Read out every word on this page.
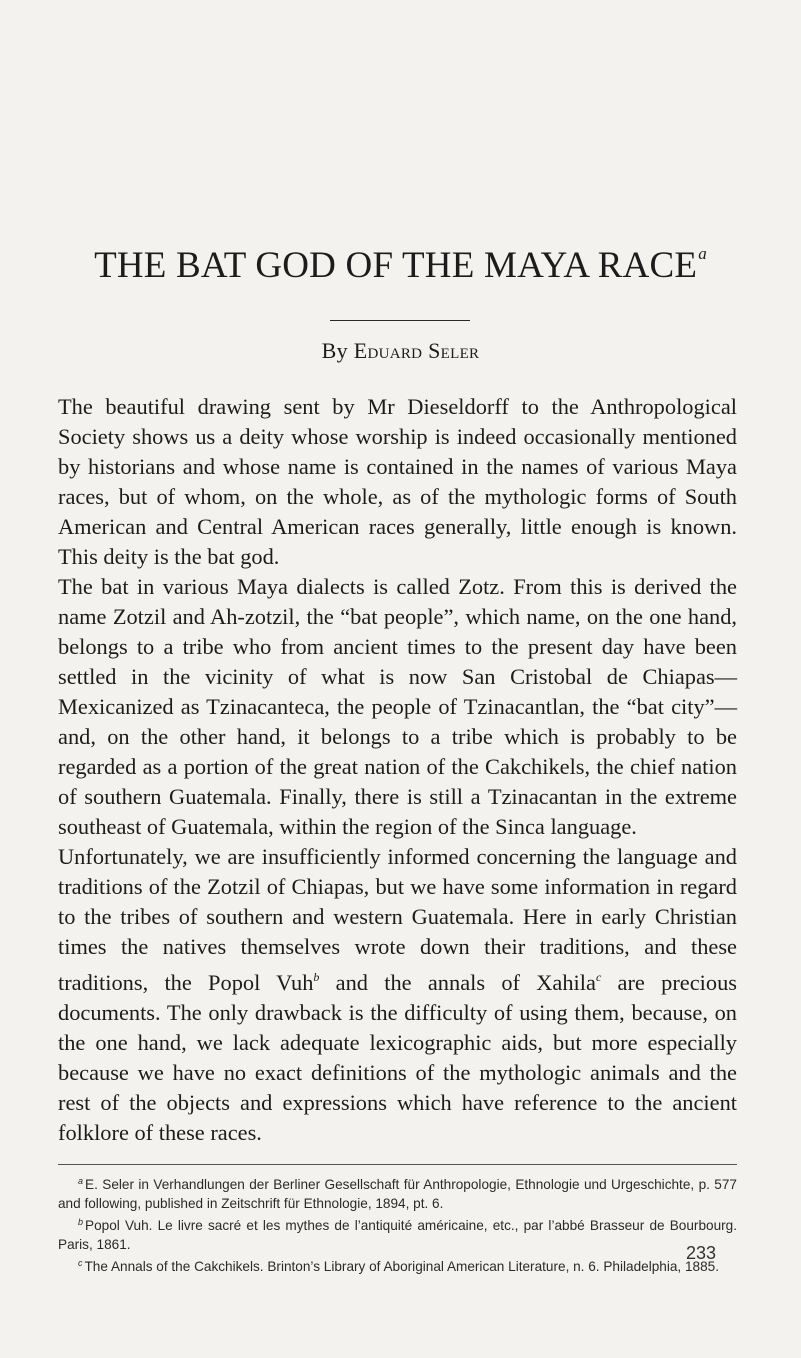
THE BAT GOD OF THE MAYA RACE$^a$
By Eduard Seler

The beautiful drawing sent by Mr Dieseldorff to the Anthropological Society shows us a deity whose worship is indeed occasionally mentioned by historians and whose name is contained in the names of various Maya races, but of whom, on the whole, as of the mythologic forms of South American and Central American races generally, little enough is known. This deity is the bat god.

The bat in various Maya dialects is called Zotz. From this is derived the name Zotzil and Ah-zotzil, the “bat people”, which name, on the one hand, belongs to a tribe who from ancient times to the present day have been settled in the vicinity of what is now San Cristobal de Chiapas—Mexicanized as Tzinacanteca, the people of Tzinacantlan, the “bat city”—and, on the other hand, it belongs to a tribe which is probably to be regarded as a portion of the great nation of the Cakchikels, the chief nation of southern Guatemala. Finally, there is still a Tzinacantan in the extreme southeast of Guatemala, within the region of the Sinca language.

Unfortunately, we are insufficiently informed concerning the language and traditions of the Zotzil of Chiapas, but we have some information in regard to the tribes of southern and western Guatemala. Here in early Christian times the natives themselves wrote down their traditions, and these traditions, the Popol Vuh$^b$ and the annals of Xahila$^c$ are precious documents. The only drawback is the difficulty of using them, because, on the one hand, we lack adequate lexicographic aids, but more especially because we have no exact definitions of the mythologic animals and the rest of the objects and expressions which have reference to the ancient folklore of these races.

$^a$ E. Seler in Verhandlungen der Berliner Gesellschaft für Anthropologie, Ethnologie und Urgeschichte, p. 577 and following, published in Zeitschrift für Ethnologie, 1894, pt. 6.

$^b$ Popol Vuh. Le livre sacré et les mythes de l’antiquité américaine, etc., par l’abbé Brasseur de Bourbourg. Paris, 1861.

$^c$ The Annals of the Cakchikels. Brinton’s Library of Aboriginal American Literature, n. 6. Philadelphia, 1885.

233
